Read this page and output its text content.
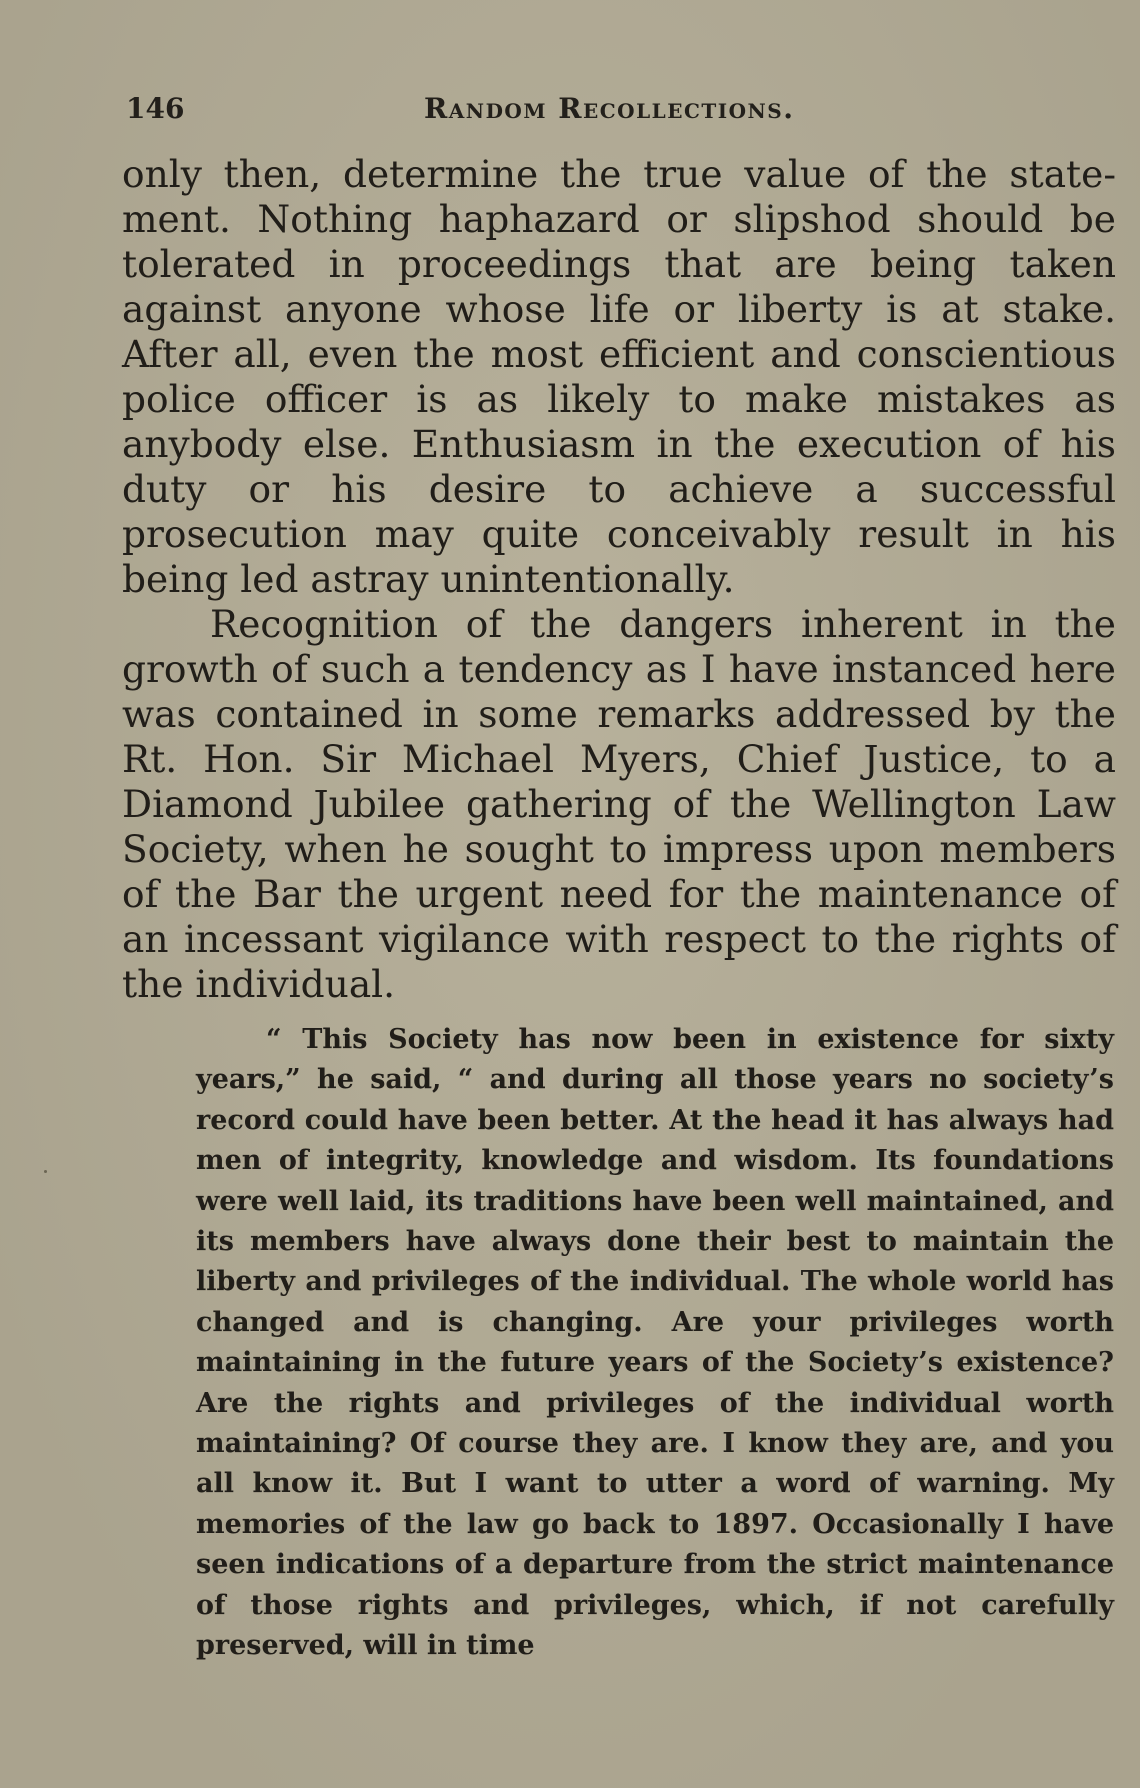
146	Random Recollections.

only then, determine the true value of the statement. Nothing haphazard or slipshod should be tolerated in proceedings that are being taken against anyone whose life or liberty is at stake. After all, even the most efficient and conscientious police officer is as likely to make mistakes as anybody else. Enthusiasm in the execution of his duty or his desire to achieve a successful prosecution may quite conceivably result in his being led astray unintentionally.

Recognition of the dangers inherent in the growth of such a tendency as I have instanced here was contained in some remarks addressed by the Rt. Hon. Sir Michael Myers, Chief Justice, to a Diamond Jubilee gathering of the Wellington Law Society, when he sought to impress upon members of the Bar the urgent need for the maintenance of an incessant vigilance with respect to the rights of the individual.

“ This Society has now been in existence for sixty years,” he said, “ and during all those years no society’s record could have been better. At the head it has always had men of integrity, knowledge and wisdom. Its foundations were well laid, its traditions have been well maintained, and its members have always done their best to maintain the liberty and privileges of the individual. The whole world has changed and is changing. Are your privileges worth maintaining in the future years of the Society’s existence? Are the rights and privileges of the individual worth maintaining? Of course they are. I know they are, and you all know it. But I want to utter a word of warning. My memories of the law go back to 1897. Occasionally I have seen indications of a departure from the strict maintenance of those rights and privileges, which, if not carefully preserved, will in time
